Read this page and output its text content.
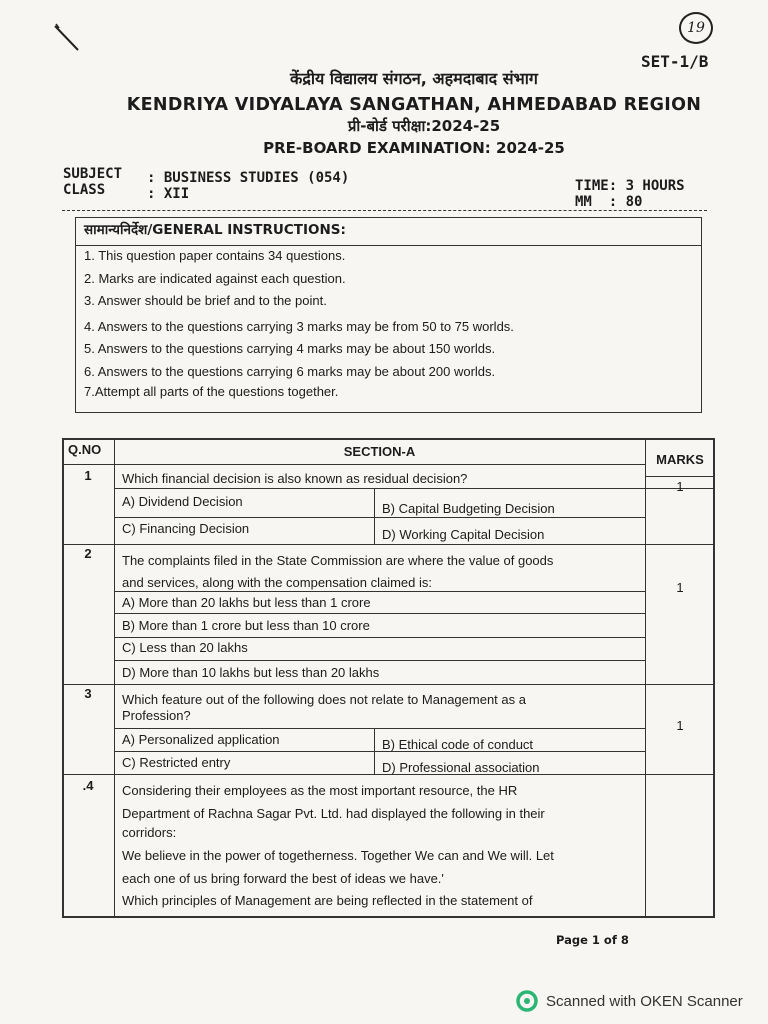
19
SET-1/B
केंद्रीय विद्यालय संगठन, अहमदाबाद संभाग
KENDRIYA VIDYALAYA SANGATHAN, AHMEDABAD REGION
प्री-बोर्ड परीक्षा:2024-25
PRE-BOARD EXAMINATION: 2024-25
SUBJECT : BUSINESS STUDIES (054)
CLASS	: XII	TIME: 3 HOURS
MM  : 80
सामान्यनिर्देश/GENERAL INSTRUCTIONS:
1. This question paper contains 34 questions.
2. Marks are indicated against each question.
3. Answer should be brief and to the point.
4. Answers to the questions carrying 3 marks may be from 50 to 75 worlds.
5. Answers to the questions carrying 4 marks may be about 150 worlds.
6. Answers to the questions carrying 6 marks may be about 200 worlds.
7.Attempt all parts of the questions together.
Q.NO	SECTION-A
MARKS
1	Which financial decision is also known as residual decision?
1
A) Dividend Decision	B) Capital Budgeting Decision
C) Financing Decision	D) Working Capital Decision
2	The complaints filed in the State Commission are where the value of goods
and services, along with the compensation claimed is:	1
A) More than 20 lakhs but less than 1 crore
B) More than 1 crore but less than 10 crore
C) Less than 20 lakhs
D) More than 10 lakhs but less than 20 lakhs
3	Which feature out of the following does not relate to Management as a
Profession?
1
A) Personalized application	B) Ethical code of conduct
C) Restricted entry	D) Professional association
.4	Considering their employees as the most important resource, the HR
Department of Rachna Sagar Pvt. Ltd. had displayed the following in their
corridors:
We believe in the power of togetherness. Together We can and We will. Let
each one of us bring forward the best of ideas we have.'
Which principles of Management are being reflected in the statement of
Page 1 of 8
Scanned with OKEN Scanner
